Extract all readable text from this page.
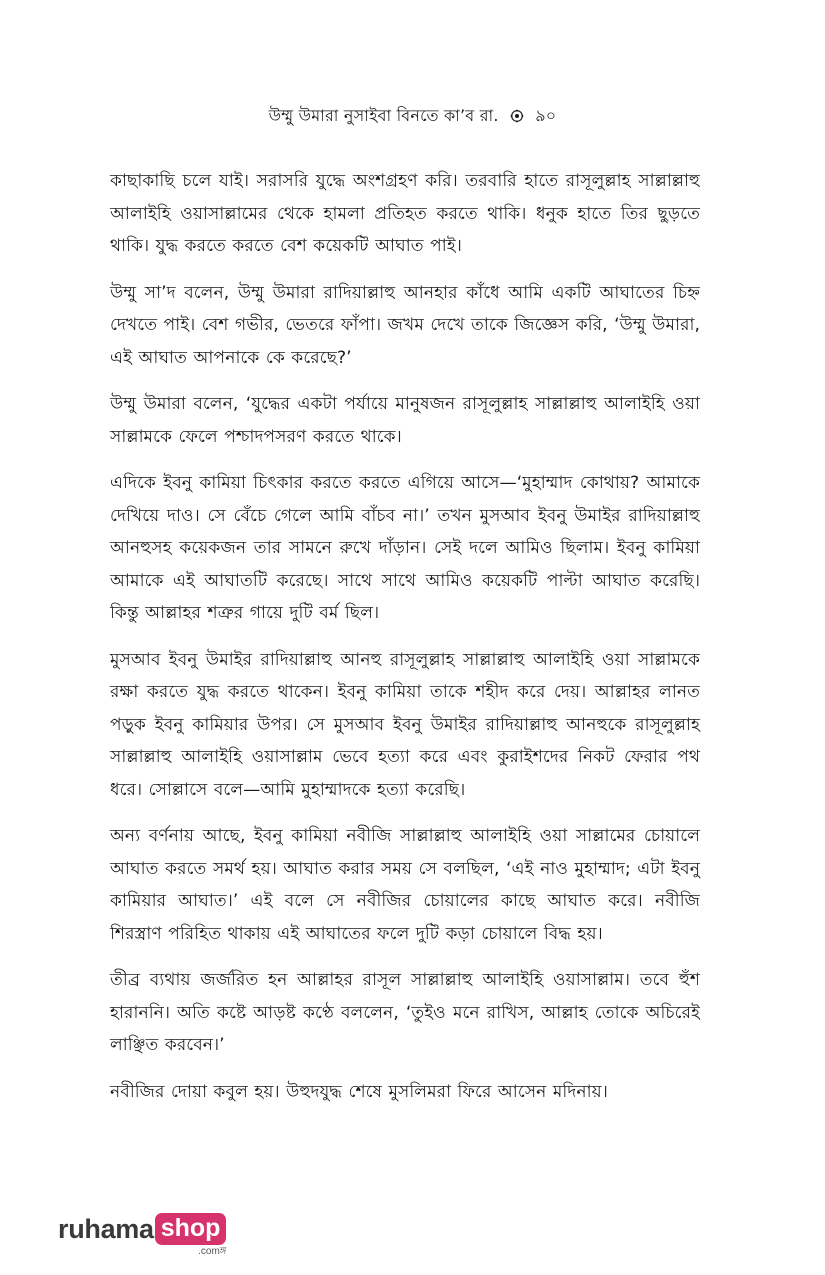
উম্মু উমারা নুসাইবা বিনতে কা’ব রা. ৯০

কাছাকাছি চলে যাই। সরাসরি যুদ্ধে অংশগ্রহণ করি। তরবারি হাতে রাসূলুল্লাহ সাল্লাল্লাহু আলাইহি ওয়াসাল্লামের থেকে হামলা প্রতিহত করতে থাকি। ধনুক হাতে তির ছুড়তে থাকি। যুদ্ধ করতে করতে বেশ কয়েকটি আঘাত পাই।

উম্মু সা’দ বলেন, উম্মু উমারা রাদিয়াল্লাহু আনহার কাঁধে আমি একটি আঘাতের চিহ্ন দেখতে পাই। বেশ গভীর, ভেতরে ফাঁপা। জখম দেখে তাকে জিজ্ঞেস করি, ‘উম্মু উমারা, এই আঘাত আপনাকে কে করেছে?’

উম্মু উমারা বলেন, ‘যুদ্ধের একটা পর্যায়ে মানুষজন রাসূলুল্লাহ সাল্লাল্লাহু আলাইহি ওয়া সাল্লামকে ফেলে পশ্চাদপসরণ করতে থাকে।

এদিকে ইবনু কামিয়া চিৎকার করতে করতে এগিয়ে আসে—‘মুহাম্মাদ কোথায়? আমাকে দেখিয়ে দাও। সে বেঁচে গেলে আমি বাঁচব না।’ তখন মুসআব ইবনু উমাইর রাদিয়াল্লাহু আনহুসহ কয়েকজন তার সামনে রুখে দাঁড়ান। সেই দলে আমিও ছিলাম। ইবনু কামিয়া আমাকে এই আঘাতটি করেছে। সাথে সাথে আমিও কয়েকটি পাল্টা আঘাত করেছি। কিন্তু আল্লাহর শত্রুর গায়ে দুটি বর্ম ছিল।

মুসআব ইবনু উমাইর রাদিয়াল্লাহু আনহু রাসূলুল্লাহ সাল্লাল্লাহু আলাইহি ওয়া সাল্লামকে রক্ষা করতে যুদ্ধ করতে থাকেন। ইবনু কামিয়া তাকে শহীদ করে দেয়। আল্লাহর লানত পড়ুক ইবনু কামিয়ার উপর। সে মুসআব ইবনু উমাইর রাদিয়াল্লাহু আনহুকে রাসূলুল্লাহ সাল্লাল্লাহু আলাইহি ওয়াসাল্লাম ভেবে হত্যা করে এবং কুরাইশদের নিকট ফেরার পথ ধরে। সোল্লাসে বলে—আমি মুহাম্মাদকে হত্যা করেছি।

অন্য বর্ণনায় আছে, ইবনু কামিয়া নবীজি সাল্লাল্লাহু আলাইহি ওয়া সাল্লামের চোয়ালে আঘাত করতে সমর্থ হয়। আঘাত করার সময় সে বলছিল, ‘এই নাও মুহাম্মাদ; এটা ইবনু কামিয়ার আঘাত।’ এই বলে সে নবীজির চোয়ালের কাছে আঘাত করে। নবীজি শিরস্ত্রাণ পরিহিত থাকায় এই আঘাতের ফলে দুটি কড়া চোয়ালে বিদ্ধ হয়।

তীব্র ব্যথায় জর্জরিত হন আল্লাহর রাসূল সাল্লাল্লাহু আলাইহি ওয়াসাল্লাম। তবে হুঁশ হারাননি। অতি কষ্টে আড়ষ্ট কণ্ঠে বললেন, ‘তুইও মনে রাখিস, আল্লাহ তোকে অচিরেই লাঞ্ছিত করবেন।’

নবীজির দোয়া কবুল হয়। উহুদযুদ্ধ শেষে মুসলিমরা ফিরে আসেন মদিনায়।

ruhama shop
.comঙ্গ
